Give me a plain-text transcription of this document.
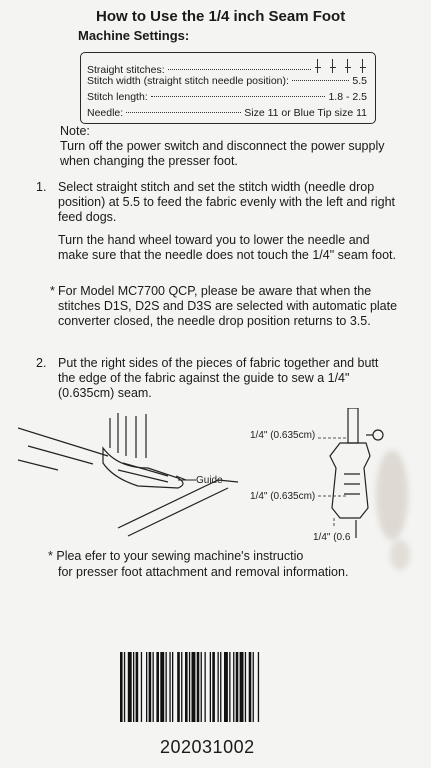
How to Use the 1/4 inch Seam Foot
Machine Settings:
Straight stitches:
Stitch width (straight stitch needle position):	5.5
Stitch length:	1.8 - 2.5
Needle:	Size 11 or Blue Tip size 11
Note:
Turn off the power switch and disconnect the power supply when changing the presser foot.
1. Select straight stitch and set the stitch width (needle drop position) at 5.5 to feed the fabric evenly with the left and right feed dogs.
Turn the hand wheel toward you to lower the needle and make sure that the needle does not touch the 1/4" seam foot.
* For Model MC7700 QCP, please be aware that when the stitches D1S, D2S and D3S are selected with automatic plate converter closed, the needle drop position returns to 3.5.
2. Put the right sides of the pieces of fabric together and butt the edge of the fabric against the guide to sew a 1/4" (0.635cm) seam.
Guide
1/4" (0.635cm)
1/4" (0.635cm)
1/4" (0.6
* Plea efer to your sewing machine's instructio
for presser foot attachment and removal information.
202031002
